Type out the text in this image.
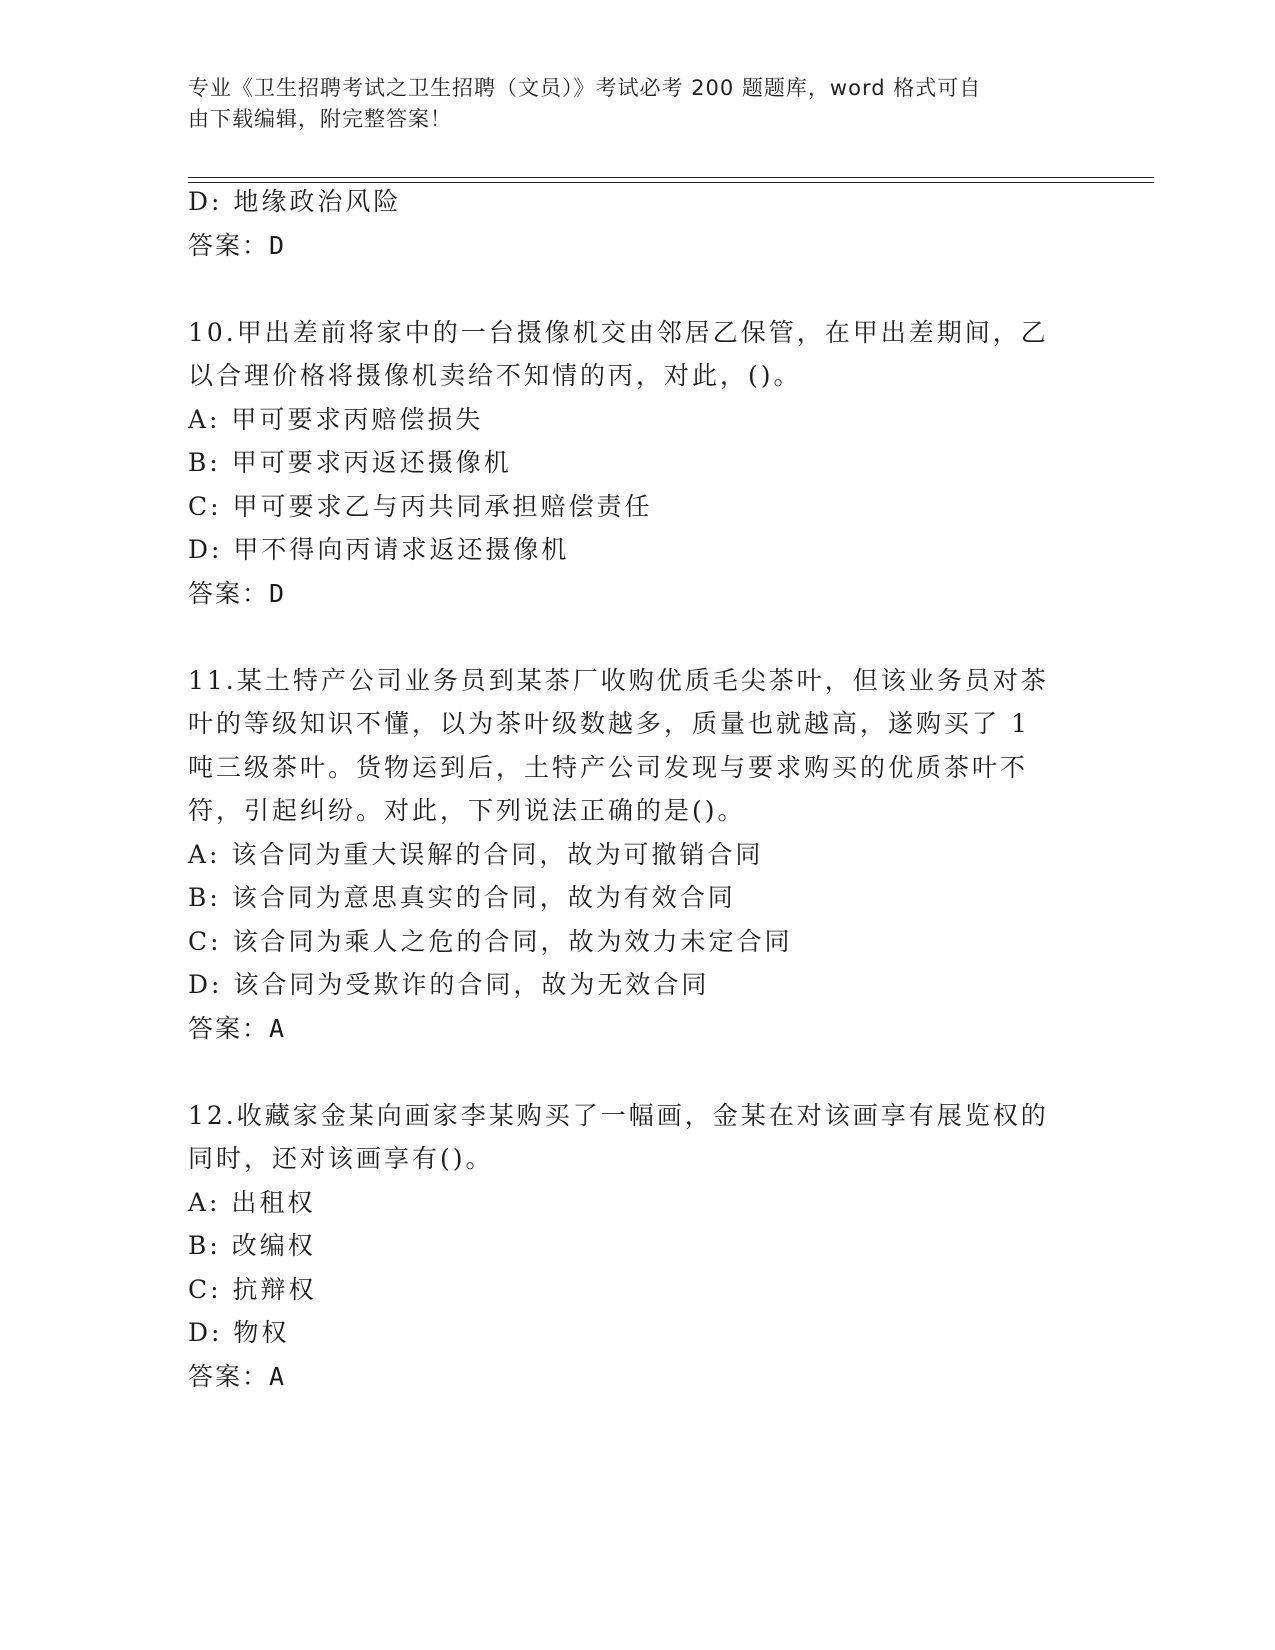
专业《卫生招聘考试之卫生招聘（文员）》考试必考 200 题题库，word 格式可自
由下载编辑，附完整答案！
D: 地缘政治风险
答案：D
10.甲出差前将家中的一台摄像机交由邻居乙保管，在甲出差期间，乙
以合理价格将摄像机卖给不知情的丙，对此，()。
A: 甲可要求丙赔偿损失
B: 甲可要求丙返还摄像机
C: 甲可要求乙与丙共同承担赔偿责任
D: 甲不得向丙请求返还摄像机
答案：D
11.某土特产公司业务员到某茶厂收购优质毛尖茶叶，但该业务员对茶
叶的等级知识不懂，以为茶叶级数越多，质量也就越高，遂购买了 1
吨三级茶叶。货物运到后，土特产公司发现与要求购买的优质茶叶不
符，引起纠纷。对此，下列说法正确的是()。
A: 该合同为重大误解的合同，故为可撤销合同
B: 该合同为意思真实的合同，故为有效合同
C: 该合同为乘人之危的合同，故为效力未定合同
D: 该合同为受欺诈的合同，故为无效合同
答案：A
12.收藏家金某向画家李某购买了一幅画，金某在对该画享有展览权的
同时，还对该画享有()。
A: 出租权
B: 改编权
C: 抗辩权
D: 物权
答案：A
